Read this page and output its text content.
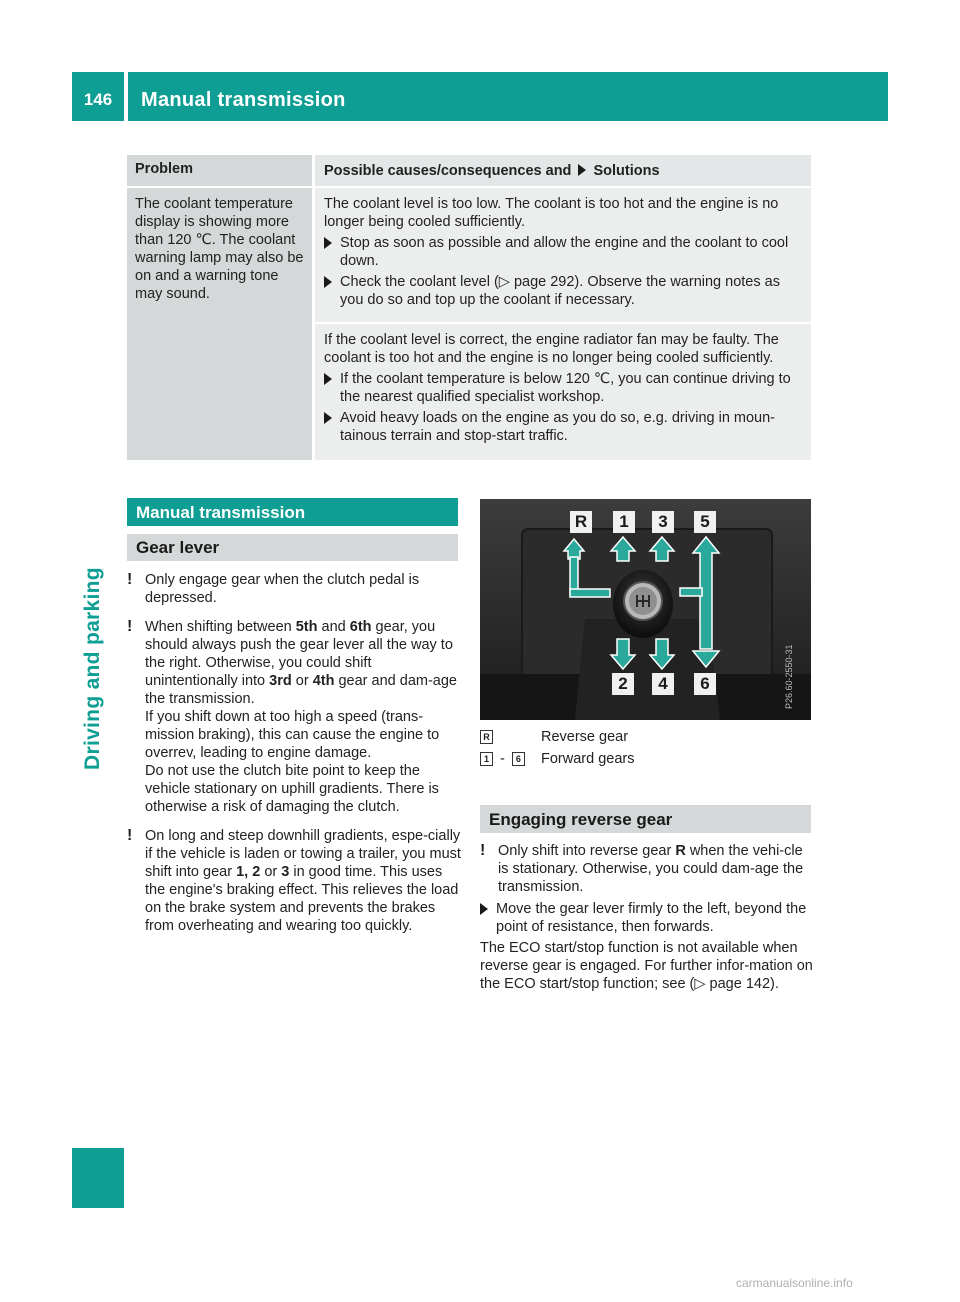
146	Manual transmission
Driving and parking
Problem	Possible causes/consequences and Solutions
The coolant temperature display is showing more than 120 ℃. The coolant warning lamp may also be on and a warning tone may sound.
The coolant level is too low. The coolant is too hot and the engine is no longer being cooled sufficiently.
Stop as soon as possible and allow the engine and the coolant to cool down.
Check the coolant level (▷ page 292). Observe the warning notes as you do so and top up the coolant if necessary.
If the coolant level is correct, the engine radiator fan may be faulty. The coolant is too hot and the engine is no longer being cooled sufficiently.
If the coolant temperature is below 120 ℃, you can continue driving to the nearest qualified specialist workshop.
Avoid heavy loads on the engine as you do so, e.g. driving in moun-tainous terrain and stop-start traffic.
Manual transmission
Gear lever
! Only engage gear when the clutch pedal is depressed.
! When shifting between 5th and 6th gear, you should always push the gear lever all the way to the right. Otherwise, you could shift unintentionally into 3rd or 4th gear and dam-age the transmission.
If you shift down at too high a speed (trans-mission braking), this can cause the engine to overrev, leading to engine damage.
Do not use the clutch bite point to keep the vehicle stationary on uphill gradients. There is otherwise a risk of damaging the clutch.
! On long and steep downhill gradients, espe-cially if the vehicle is laden or towing a trailer, you must shift into gear 1, 2 or 3 in good time. This uses the engine's braking effect. This relieves the load on the brake system and prevents the brakes from overheating and wearing too quickly.
R	1	3	5
2	4	6	P26.60-2550-31
R	Reverse gear
1 - 6 Forward gears
Engaging reverse gear
! Only shift into reverse gear R when the vehi-cle is stationary. Otherwise, you could dam-age the transmission.
Move the gear lever firmly to the left, beyond the point of resistance, then forwards.
The ECO start/stop function is not available when reverse gear is engaged. For further infor-mation on the ECO start/stop function; see (▷ page 142).
carmanualsonline.info
